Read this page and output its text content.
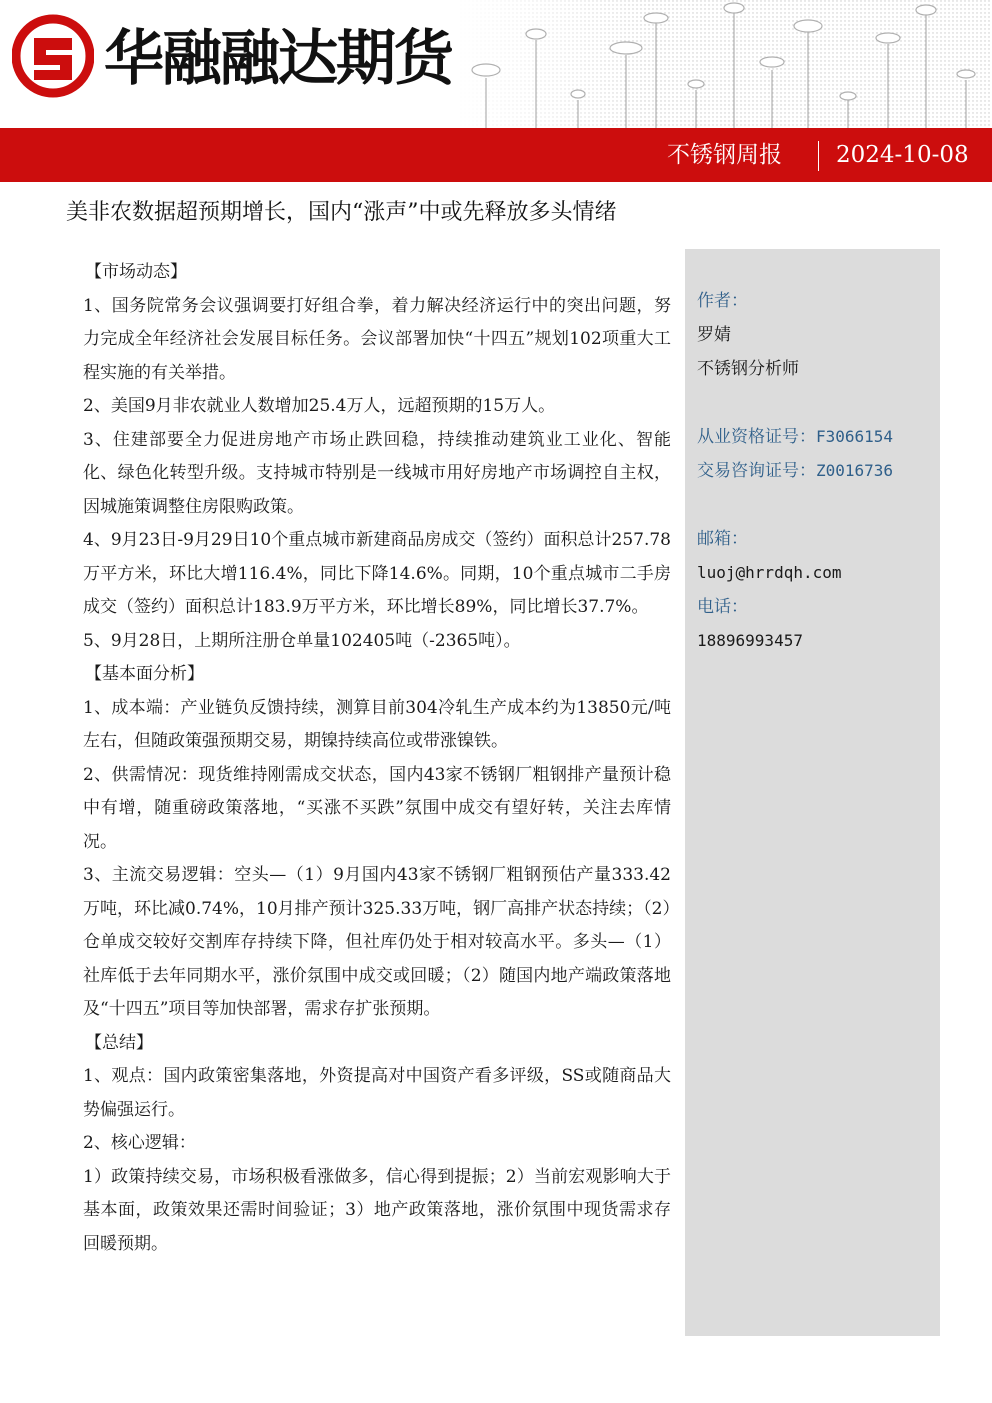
华融融达期货
不锈钢周报 2024-10-08
美非农数据超预期增长，国内“涨声”中或先释放多头情绪
【市场动态】

1、国务院常务会议强调要打好组合拳，着力解决经济运行中的突出问题，努力完成全年经济社会发展目标任务。会议部署加快“十四五”规划102项重大工程实施的有关举措。

2、美国9月非农就业人数增加25.4万人，远超预期的15万人。

3、住建部要全力促进房地产市场止跌回稳，持续推动建筑业工业化、智能化、绿色化转型升级。支持城市特别是一线城市用好房地产市场调控自主权，因城施策调整住房限购政策。

4、9月23日-9月29日10个重点城市新建商品房成交（签约）面积总计257.78万平方米，环比大增116.4%，同比下降14.6%。同期，10个重点城市二手房成交（签约）面积总计183.9万平方米，环比增长89%，同比增长37.7%。

5、9月28日，上期所注册仓单量102405吨（-2365吨）。

【基本面分析】

1、成本端：产业链负反馈持续，测算目前304冷轧生产成本约为13850元/吨左右，但随政策强预期交易，期镍持续高位或带涨镍铁。

2、供需情况：现货维持刚需成交状态，国内43家不锈钢厂粗钢排产量预计稳中有增，随重磅政策落地，“买涨不买跌”氛围中成交有望好转，关注去库情况。

3、主流交易逻辑：空头—（1）9月国内43家不锈钢厂粗钢预估产量333.42万吨，环比减0.74%，10月排产预计325.33万吨，钢厂高排产状态持续；（2）仓单成交较好交割库存持续下降，但社库仍处于相对较高水平。多头—（1）社库低于去年同期水平，涨价氛围中成交或回暖；（2）随国内地产端政策落地及“十四五”项目等加快部署，需求存扩张预期。

【总结】

1、观点：国内政策密集落地，外资提高对中国资产看多评级，SS或随商品大势偏强运行。

2、核心逻辑：

1）政策持续交易，市场积极看涨做多，信心得到提振；2）当前宏观影响大于基本面，政策效果还需时间验证；3）地产政策落地，涨价氛围中现货需求存回暖预期。

作者：
罗婧
不锈钢分析师
从业资格证号：F3066154
交易咨询证号：Z0016736
邮箱：
luoj@hrrdqh.com
电话：
18896993457
